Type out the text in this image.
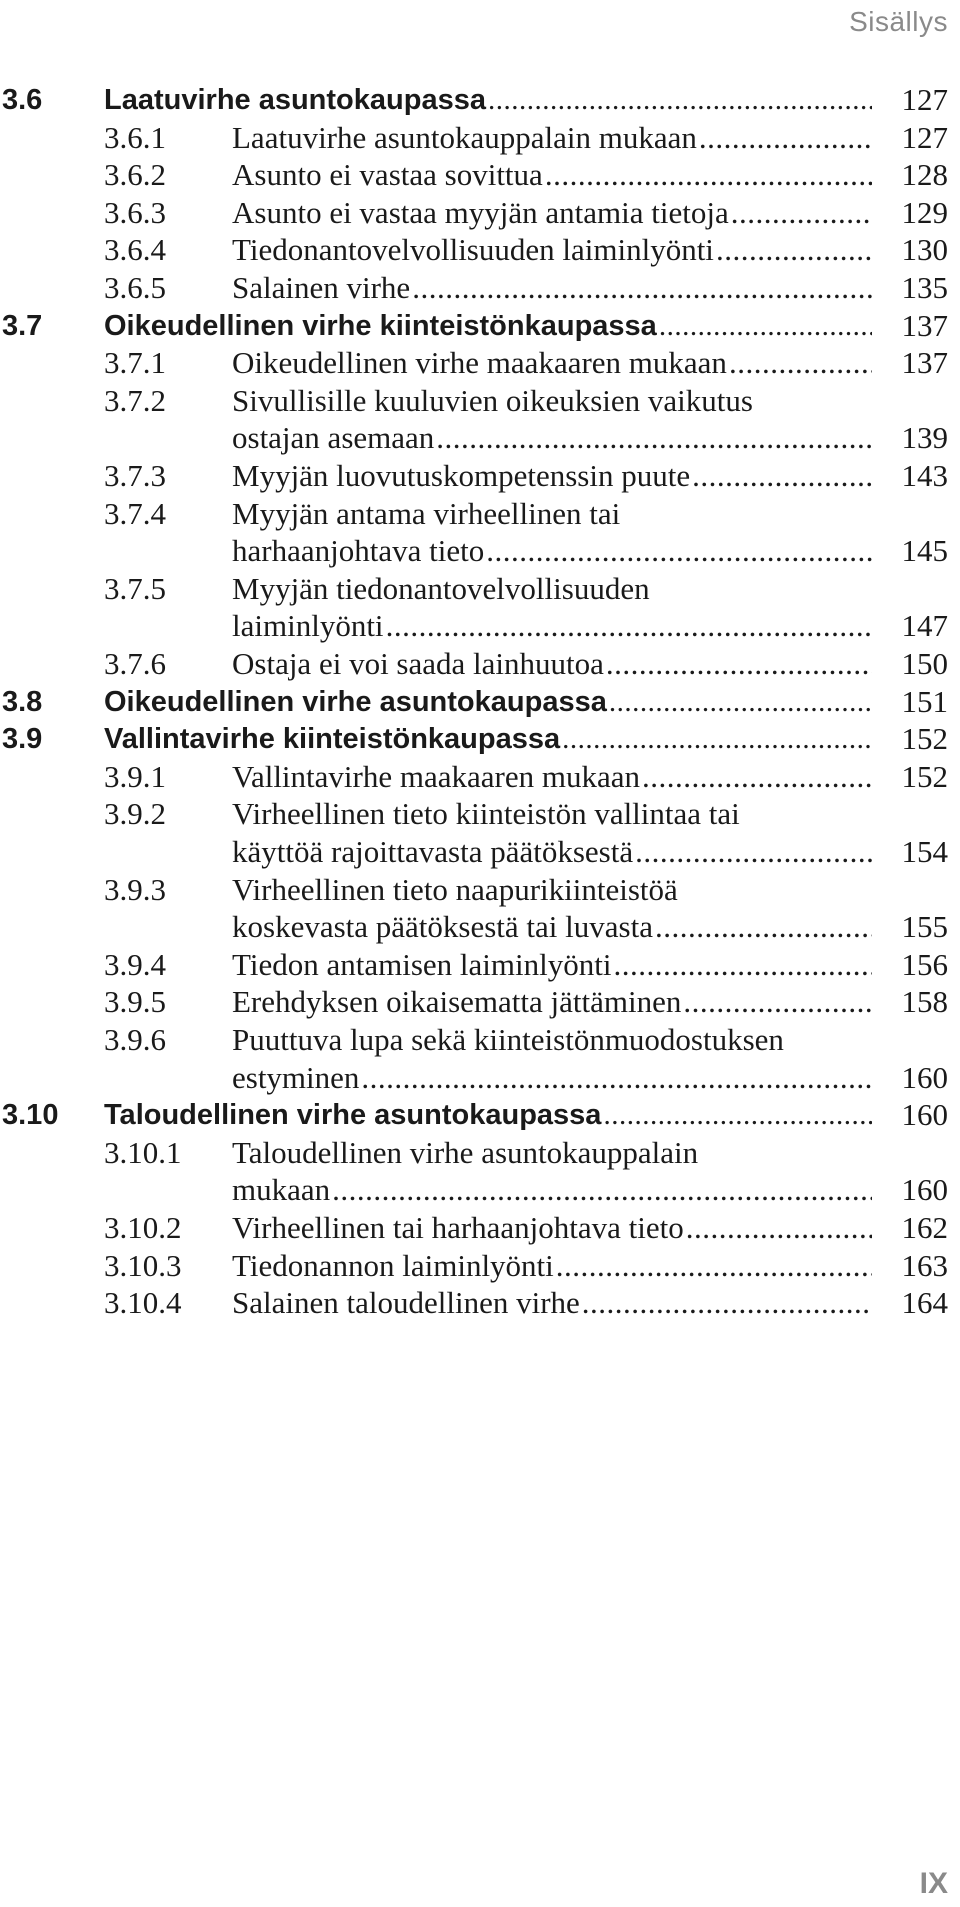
Sisällys
3.6 Laatuvirhe asuntokaupassa .....	127
3.6.1 Laatuvirhe asuntokauppalain mukaan .....	127
3.6.2 Asunto ei vastaa sovittua .....	128
3.6.3 Asunto ei vastaa myyjän antamia tietoja .....	129
3.6.4 Tiedonantovelvollisuuden laiminlyönti .....	130
3.6.5 Salainen virhe .....	135
3.7 Oikeudellinen virhe kiinteistönkaupassa .....	137
3.7.1 Oikeudellinen virhe maakaaren mukaan .....	137
3.7.2 Sivullisille kuuluvien oikeuksien vaikutus
ostajan asemaan .....	139
3.7.3 Myyjän luovutuskompetenssin puute .....	143
3.7.4 Myyjän antama virheellinen tai
harhaanjohtava tieto .....	145
3.7.5 Myyjän tiedonantovelvollisuuden
laiminlyönti .....	147
3.7.6 Ostaja ei voi saada lainhuutoa .....	150
3.8 Oikeudellinen virhe asuntokaupassa .....	151
3.9 Vallintavirhe kiinteistönkaupassa .....	152
3.9.1 Vallintavirhe maakaaren mukaan .....	152
3.9.2 Virheellinen tieto kiinteistön vallintaa tai
käyttöä rajoittavasta päätöksestä .....	154
3.9.3 Virheellinen tieto naapurikiinteistöä
koskevasta päätöksestä tai luvasta .....	155
3.9.4 Tiedon antamisen laiminlyönti .....	156
3.9.5 Erehdyksen oikaisematta jättäminen .....	158
3.9.6 Puuttuva lupa sekä kiinteistönmuodostuksen
estyminen .....	160
3.10 Taloudellinen virhe asuntokaupassa .....	160
3.10.1 Taloudellinen virhe asuntokauppalain
mukaan .....	160
3.10.2 Virheellinen tai harhaanjohtava tieto .....	162
3.10.3 Tiedonannon laiminlyönti .....	163
3.10.4 Salainen taloudellinen virhe .....	164
IX
